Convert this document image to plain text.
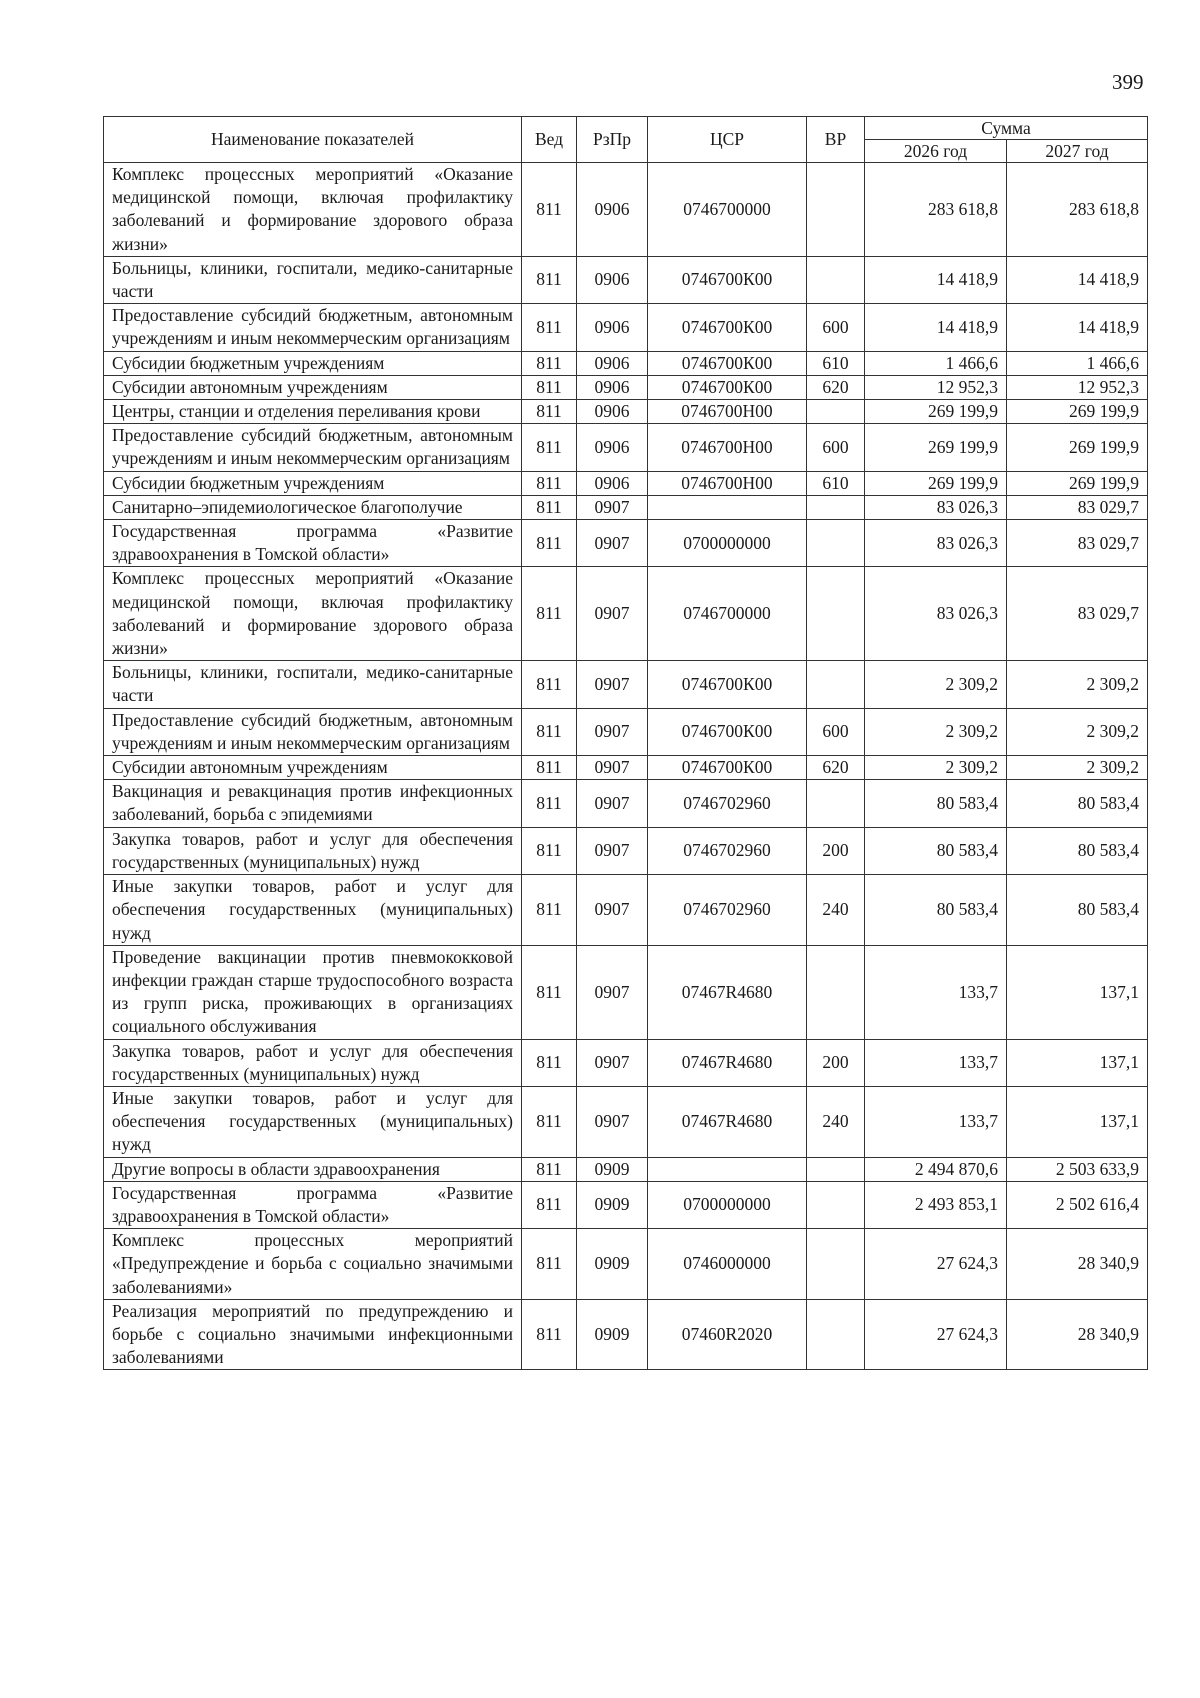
399
Наименование показателей	Вед	РзПр	ЦСР	ВР	Сумма	
					2026 год	2027 год
Комплекс процессных мероприятий «Оказание медицинской помощи, включая профилактику заболеваний и формирование здорового образа жизни»	811	0906	0746700000		283 618,8	283 618,8
Больницы, клиники, госпитали, медико-санитарные части	811	0906	0746700К00		14 418,9	14 418,9
Предоставление субсидий бюджетным, автономным учреждениям и иным некоммерческим организациям	811	0906	0746700К00	600	14 418,9	14 418,9
Субсидии бюджетным учреждениям	811	0906	0746700К00	610	1 466,6	1 466,6
Субсидии автономным учреждениям	811	0906	0746700К00	620	12 952,3	12 952,3
Центры, станции и отделения переливания крови	811	0906	0746700Н00		269 199,9	269 199,9
Предоставление субсидий бюджетным, автономным учреждениям и иным некоммерческим организациям	811	0906	0746700Н00	600	269 199,9	269 199,9
Субсидии бюджетным учреждениям	811	0906	0746700Н00	610	269 199,9	269 199,9
Санитарно–эпидемиологическое благополучие	811	0907			83 026,3	83 029,7
Государственная программа «Развитие здравоохранения в Томской области»	811	0907	0700000000		83 026,3	83 029,7
Комплекс процессных мероприятий «Оказание медицинской помощи, включая профилактику заболеваний и формирование здорового образа жизни»	811	0907	0746700000		83 026,3	83 029,7
Больницы, клиники, госпитали, медико-санитарные части	811	0907	0746700К00		2 309,2	2 309,2
Предоставление субсидий бюджетным, автономным учреждениям и иным некоммерческим организациям	811	0907	0746700К00	600	2 309,2	2 309,2
Субсидии автономным учреждениям	811	0907	0746700К00	620	2 309,2	2 309,2
Вакцинация и ревакцинация против инфекционных заболеваний, борьба с эпидемиями	811	0907	0746702960		80 583,4	80 583,4
Закупка товаров, работ и услуг для обеспечения государственных (муниципальных) нужд	811	0907	0746702960	200	80 583,4	80 583,4
Иные закупки товаров, работ и услуг для обеспечения государственных (муниципальных) нужд	811	0907	0746702960	240	80 583,4	80 583,4
Проведение вакцинации против пневмококковой инфекции граждан старше трудоспособного возраста из групп риска, проживающих в организациях социального обслуживания	811	0907	07467R4680		133,7	137,1
Закупка товаров, работ и услуг для обеспечения государственных (муниципальных) нужд	811	0907	07467R4680	200	133,7	137,1
Иные закупки товаров, работ и услуг для обеспечения государственных (муниципальных) нужд	811	0907	07467R4680	240	133,7	137,1
Другие вопросы в области здравоохранения	811	0909			2 494 870,6	2 503 633,9
Государственная программа «Развитие здравоохранения в Томской области»	811	0909	0700000000		2 493 853,1	2 502 616,4
Комплекс процессных мероприятий «Предупреждение и борьба с социально значимыми заболеваниями»	811	0909	0746000000		27 624,3	28 340,9
Реализация мероприятий по предупреждению и борьбе с социально значимыми инфекционными заболеваниями	811	0909	07460R2020		27 624,3	28 340,9
